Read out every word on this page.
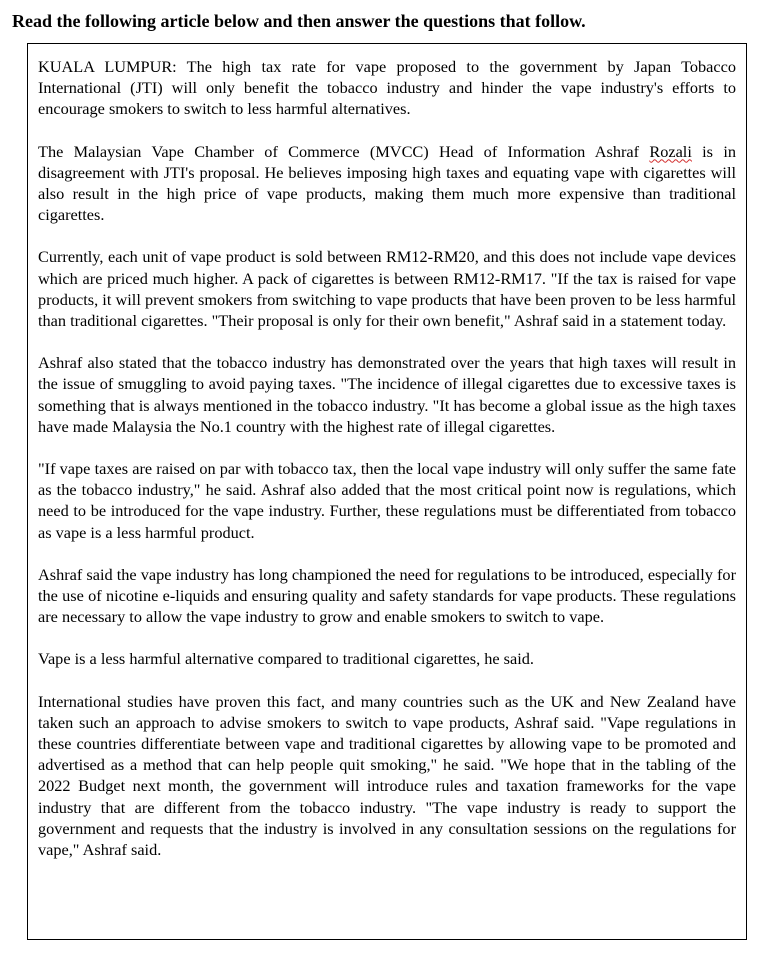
Read the following article below and then answer the questions that follow.

KUALA LUMPUR: The high tax rate for vape proposed to the government by Japan Tobacco International (JTI) will only benefit the tobacco industry and hinder the vape industry's efforts to encourage smokers to switch to less harmful alternatives.

The Malaysian Vape Chamber of Commerce (MVCC) Head of Information Ashraf Rozali is in disagreement with JTI's proposal. He believes imposing high taxes and equating vape with cigarettes will also result in the high price of vape products, making them much more expensive than traditional cigarettes.

Currently, each unit of vape product is sold between RM12-RM20, and this does not include vape devices which are priced much higher. A pack of cigarettes is between RM12-RM17. "If the tax is raised for vape products, it will prevent smokers from switching to vape products that have been proven to be less harmful than traditional cigarettes. "Their proposal is only for their own benefit," Ashraf said in a statement today.

Ashraf also stated that the tobacco industry has demonstrated over the years that high taxes will result in the issue of smuggling to avoid paying taxes. "The incidence of illegal cigarettes due to excessive taxes is something that is always mentioned in the tobacco industry. "It has become a global issue as the high taxes have made Malaysia the No.1 country with the highest rate of illegal cigarettes.

"If vape taxes are raised on par with tobacco tax, then the local vape industry will only suffer the same fate as the tobacco industry," he said. Ashraf also added that the most critical point now is regulations, which need to be introduced for the vape industry. Further, these regulations must be differentiated from tobacco as vape is a less harmful product.

Ashraf said the vape industry has long championed the need for regulations to be introduced, especially for the use of nicotine e-liquids and ensuring quality and safety standards for vape products. These regulations are necessary to allow the vape industry to grow and enable smokers to switch to vape.

Vape is a less harmful alternative compared to traditional cigarettes, he said.

International studies have proven this fact, and many countries such as the UK and New Zealand have taken such an approach to advise smokers to switch to vape products, Ashraf said. "Vape regulations in these countries differentiate between vape and traditional cigarettes by allowing vape to be promoted and advertised as a method that can help people quit smoking," he said. "We hope that in the tabling of the 2022 Budget next month, the government will introduce rules and taxation frameworks for the vape industry that are different from the tobacco industry. "The vape industry is ready to support the government and requests that the industry is involved in any consultation sessions on the regulations for vape," Ashraf said.
